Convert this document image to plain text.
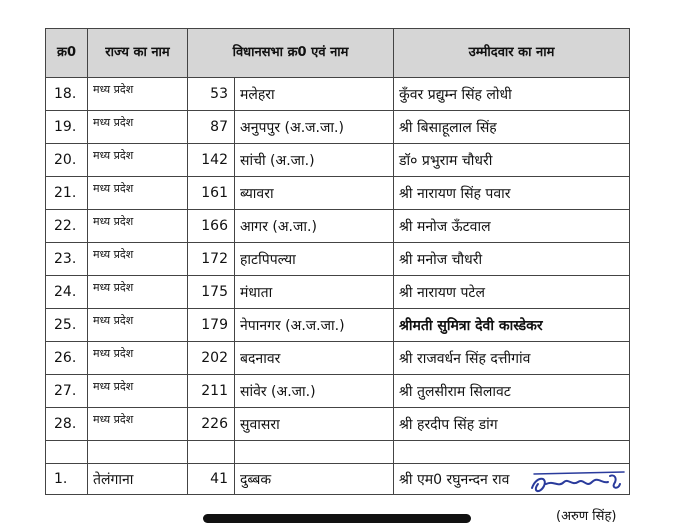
क्र0	राज्य का नाम	विधानसभा क्र0 एवं नाम		उम्मीदवार का नाम
18.	मध्य प्रदेश	53	मलेहरा	कुँवर प्रद्युम्न सिंह लोधी
19.	मध्य प्रदेश	87	अनुपपुर (अ.ज.जा.)	श्री बिसाहूलाल सिंह
20.	मध्य प्रदेश	142	सांची (अ.जा.)	डॉ० प्रभुराम चौधरी
21.	मध्य प्रदेश	161	ब्यावरा	श्री नारायण सिंह पवार
22.	मध्य प्रदेश	166	आगर (अ.जा.)	श्री मनोज ऊँटवाल
23.	मध्य प्रदेश	172	हाटपिपल्या	श्री मनोज चौधरी
24.	मध्य प्रदेश	175	मंधाता	श्री नारायण पटेल
25.	मध्य प्रदेश	179	नेपानगर (अ.ज.जा.)	श्रीमती सुमित्रा देवी कास्डेकर
26.	मध्य प्रदेश	202	बदनावर	श्री राजवर्धन सिंह दत्तीगांव
27.	मध्य प्रदेश	211	सांवेर (अ.जा.)	श्री तुलसीराम सिलावट
28.	मध्य प्रदेश	226	सुवासरा	श्री हरदीप सिंह डांग

1.	तेलंगाना	41	दुब्बक	श्री एम0 रघुनन्दन राव
(अरुण सिंह)
